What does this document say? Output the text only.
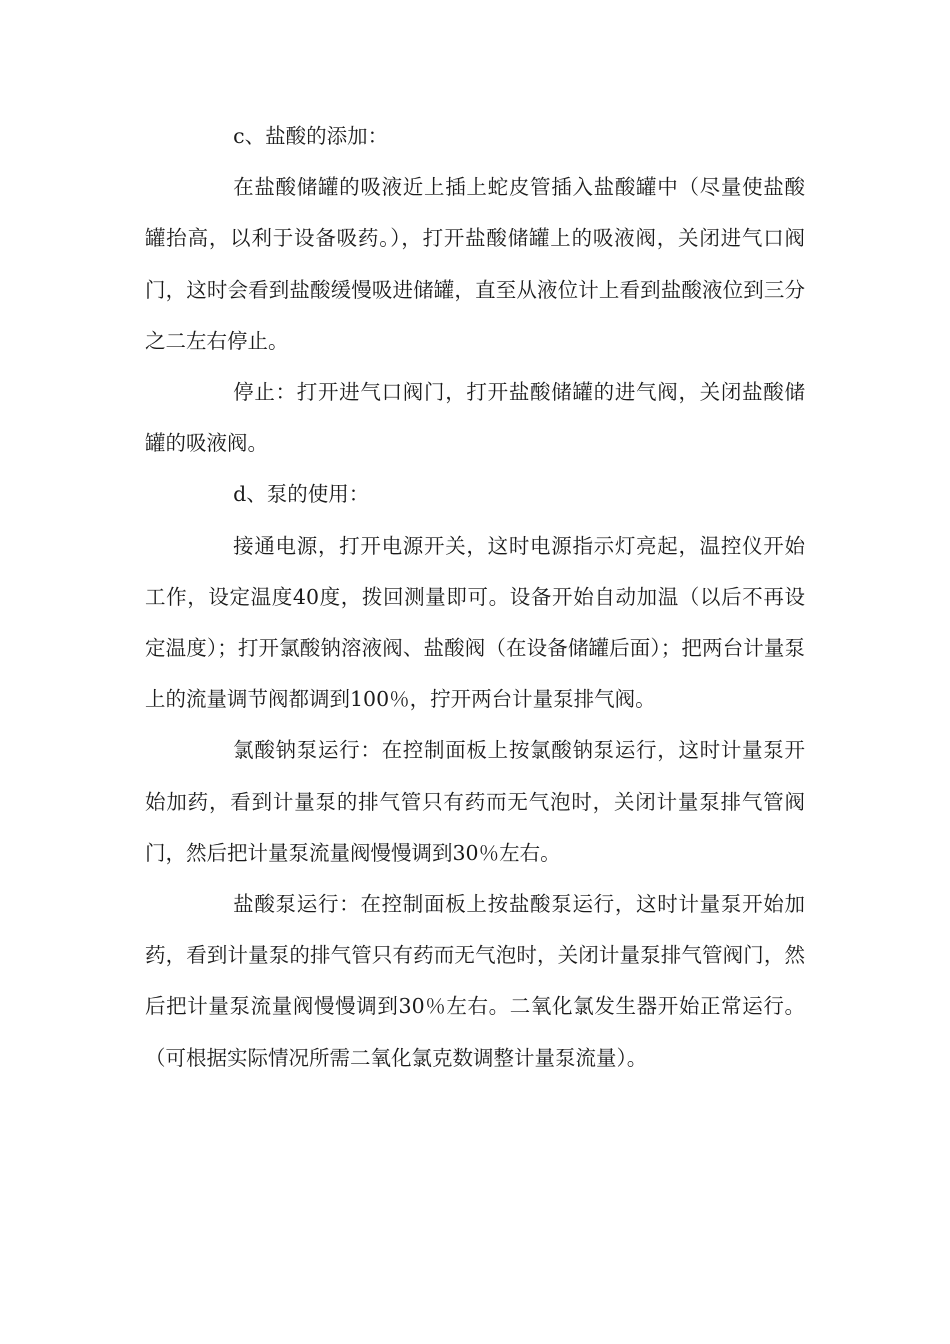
c、盐酸的添加：

在盐酸储罐的吸液近上插上蛇皮管插入盐酸罐中（尽量使盐酸罐抬高，以利于设备吸药。），打开盐酸储罐上的吸液阀，关闭进气口阀门，这时会看到盐酸缓慢吸进储罐，直至从液位计上看到盐酸液位到三分之二左右停止。

停止：打开进气口阀门，打开盐酸储罐的进气阀，关闭盐酸储罐的吸液阀。

d、泵的使用：

接通电源，打开电源开关，这时电源指示灯亮起，温控仪开始工作，设定温度40度，拨回测量即可。设备开始自动加温（以后不再设定温度）；打开氯酸钠溶液阀、盐酸阀（在设备储罐后面）；把两台计量泵上的流量调节阀都调到100％，拧开两台计量泵排气阀。

氯酸钠泵运行：在控制面板上按氯酸钠泵运行，这时计量泵开始加药，看到计量泵的排气管只有药而无气泡时，关闭计量泵排气管阀门，然后把计量泵流量阀慢慢调到30％左右。

盐酸泵运行：在控制面板上按盐酸泵运行，这时计量泵开始加药，看到计量泵的排气管只有药而无气泡时，关闭计量泵排气管阀门，然后把计量泵流量阀慢慢调到30％左右。二氧化氯发生器开始正常运行。（可根据实际情况所需二氧化氯克数调整计量泵流量）。
